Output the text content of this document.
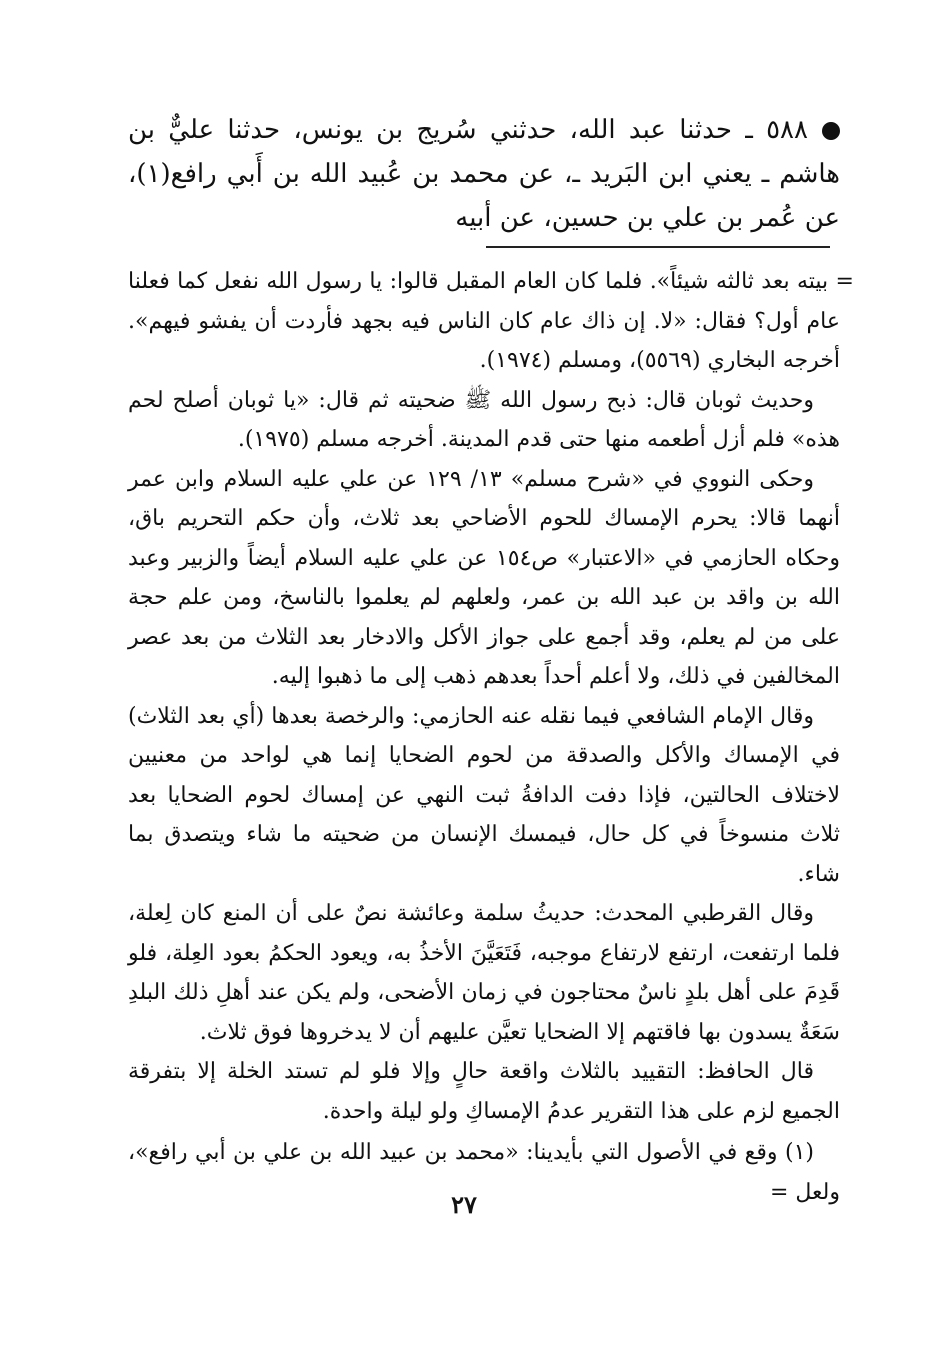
٥٨٨ ـ حدثنا عبد الله، حدثني سُريج بن يونس، حدثنا عليٌّ بن هاشم ـ يعني ابن البَريد ـ، عن محمد بن عُبيد الله بن أَبي رافع(١)، عن عُمر بن علي بن حسين، عن أبيه

= بيته بعد ثالثه شيئاً». فلما كان العام المقبل قالوا: يا رسول الله نفعل كما فعلنا عام أول؟ فقال: «لا. إن ذاك عام كان الناس فيه بجهد فأردت أن يفشو فيهم». أخرجه البخاري (٥٥٦٩)، ومسلم (١٩٧٤).

وحديث ثوبان قال: ذبح رسول الله ﷺ ضحيته ثم قال: «يا ثوبان أصلح لحم هذه» فلم أزل أطعمه منها حتى قدم المدينة. أخرجه مسلم (١٩٧٥).

وحكى النووي في «شرح مسلم» ١٣/ ١٢٩ عن علي عليه السلام وابن عمر أنهما قالا: يحرم الإمساك للحوم الأضاحي بعد ثلاث، وأن حكم التحريم باق، وحكاه الحازمي في «الاعتبار» ص١٥٤ عن علي عليه السلام أيضاً والزبير وعبد الله بن واقد بن عبد الله بن عمر، ولعلهم لم يعلموا بالناسخ، ومن علم حجة على من لم يعلم، وقد أجمع على جواز الأكل والادخار بعد الثلاث من بعد عصر المخالفين في ذلك، ولا أعلم أحداً بعدهم ذهب إلى ما ذهبوا إليه.

وقال الإمام الشافعي فيما نقله عنه الحازمي: والرخصة بعدها (أي بعد الثلاث) في الإمساك والأكل والصدقة من لحوم الضحايا إنما هي لواحد من معنيين لاختلاف الحالتين، فإذا دفت الدافةُ ثبت النهي عن إمساك لحوم الضحايا بعد ثلاث منسوخاً في كل حال، فيمسك الإنسان من ضحيته ما شاء ويتصدق بما شاء.

وقال القرطبي المحدث: حديثُ سلمة وعائشة نصٌ على أن المنع كان لِعلة، فلما ارتفعت، ارتفع لارتفاع موجبه، فَتَعَيَّنَ الأخذُ به، ويعود الحكمُ بعود العِلة، فلو قَدِمَ على أهل بلدٍ ناسٌ محتاجون في زمان الأضحى، ولم يكن عند أهلِ ذلك البلدِ سَعَةٌ يسدون بها فاقتهم إلا الضحايا تعيَّن عليهم أن لا يدخروها فوق ثلاث.

قال الحافظ: التقييد بالثلاث واقعة حالٍ وإلا فلو لم تستد الخلة إلا بتفرقة الجميع لزم على هذا التقرير عدمُ الإمساكِ ولو ليلة واحدة.

(١) وقع في الأصول التي بأيدينا: «محمد بن عبيد الله بن علي بن أبي رافع»، ولعل =

٢٧
